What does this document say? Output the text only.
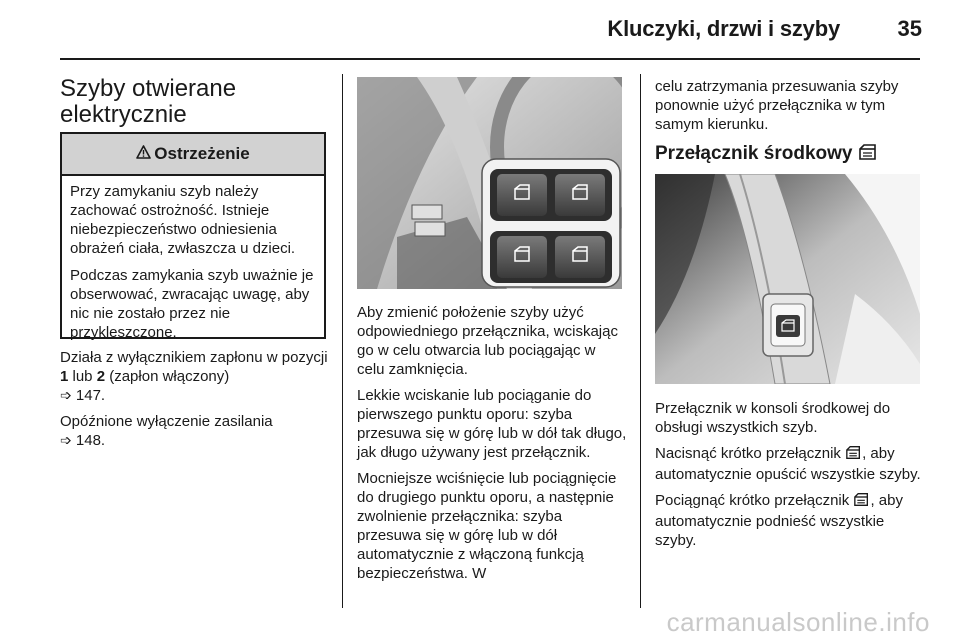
Kluczyki, drzwi i szyby	35
Szyby otwierane
elektrycznie
Ostrzeżenie

Przy zamykaniu szyb należy zachować ostrożność. Istnieje niebezpieczeństwo odniesienia obrażeń ciała, zwłaszcza u dzieci.

Podczas zamykania szyb uważnie je obserwować, zwracając uwagę, aby nic nie zostało przez nie przykleszczone.

Działa z wyłącznikiem zapłonu w pozycji 1 lub 2 (zapłon włączony)
➩ 147.

Opóźnione wyłączenie zasilania
➩ 148.

Aby zmienić położenie szyby użyć odpowiedniego przełącznika, wciskając go w celu otwarcia lub pociągając w celu zamknięcia.

Lekkie wciskanie lub pociąganie do pierwszego punktu oporu: szyba przesuwa się w górę lub w dół tak długo, jak długo używany jest przełącznik.

Mocniejsze wciśnięcie lub pociągnięcie do drugiego punktu oporu, a następnie zwolnienie przełącznika: szyba przesuwa się w górę lub w dół automatycznie z włączoną funkcją bezpieczeństwa. W

celu zatrzymania przesuwania szyby ponownie użyć przełącznika w tym samym kierunku.

Przełącznik środkowy

Przełącznik w konsoli środkowej do obsługi wszystkich szyb.

Nacisnąć krótko przełącznik , aby automatycznie opuścić wszystkie szyby.

Pociągnąć krótko przełącznik , aby automatycznie podnieść wszystkie szyby.

carmanualsonline.info
